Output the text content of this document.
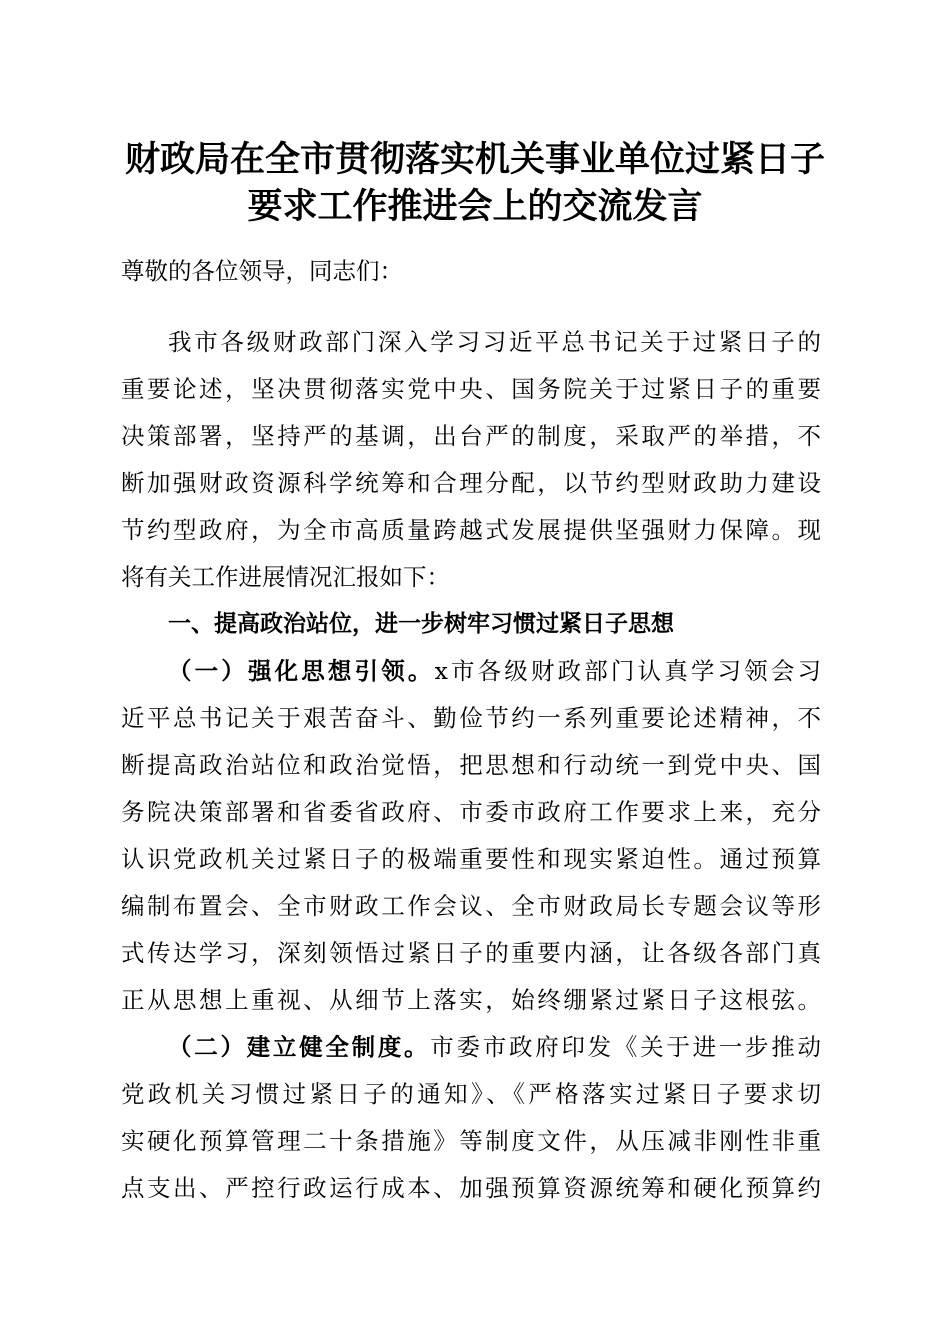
财政局在全市贯彻落实机关事业单位过紧日子
要求工作推进会上的交流发言
尊敬的各位领导，同志们：
我市各级财政部门深入学习习近平总书记关于过紧日子的
重要论述，坚决贯彻落实党中央、国务院关于过紧日子的重要
决策部署，坚持严的基调，出台严的制度，采取严的举措，不
断加强财政资源科学统筹和合理分配，以节约型财政助力建设
节约型政府，为全市高质量跨越式发展提供坚强财力保障。现
将有关工作进展情况汇报如下：
一、提高政治站位，进一步树牢习惯过紧日子思想
（一）强化思想引领。x市各级财政部门认真学习领会习
近平总书记关于艰苦奋斗、勤俭节约一系列重要论述精神，不
断提高政治站位和政治觉悟，把思想和行动统一到党中央、国
务院决策部署和省委省政府、市委市政府工作要求上来，充分
认识党政机关过紧日子的极端重要性和现实紧迫性。通过预算
编制布置会、全市财政工作会议、全市财政局长专题会议等形
式传达学习，深刻领悟过紧日子的重要内涵，让各级各部门真
正从思想上重视、从细节上落实，始终绷紧过紧日子这根弦。
（二）建立健全制度。市委市政府印发《关于进一步推动
党政机关习惯过紧日子的通知》、《严格落实过紧日子要求切
实硬化预算管理二十条措施》等制度文件，从压减非刚性非重
点支出、严控行政运行成本、加强预算资源统筹和硬化预算约
